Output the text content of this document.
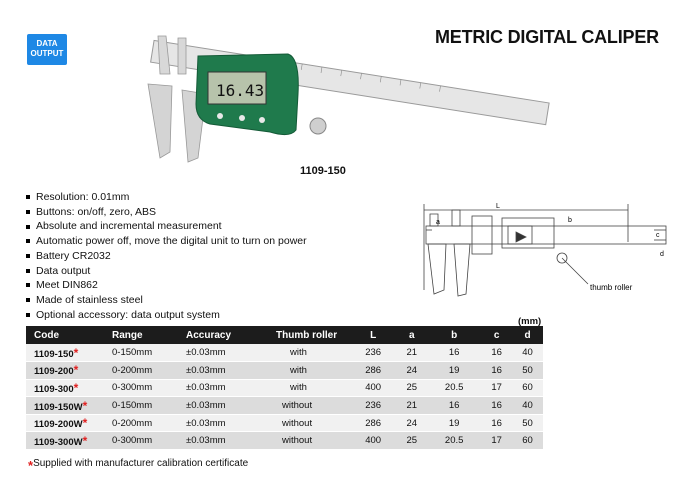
DATA
OUTPUT
METRIC DIGITAL CALIPER
16.43
INSIZE
1109-150
Resolution: 0.01mm
Buttons: on/off, zero, ABS
Absolute and incremental measurement
Automatic power off, move the digital unit to turn on power
Battery CR2032
Data output
Meet DIN862
Made of stainless steel
Optional accessory: data output system
a
L
b
c
d
thumb roller
(mm)
Code	Range	Accuracy	Thumb roller	L	a	b	c	d
1109-150*	0-150mm	±0.03mm	with	236	21	16	16	40
1109-200*	0-200mm	±0.03mm	with	286	24	19	16	50
1109-300*	0-300mm	±0.03mm	with	400	25	20.5	17	60
1109-150W*	0-150mm	±0.03mm	without	236	21	16	16	40
1109-200W*	0-200mm	±0.03mm	without	286	24	19	16	50
1109-300W*	0-300mm	±0.03mm	without	400	25	20.5	17	60
*Supplied with manufacturer calibration certificate
